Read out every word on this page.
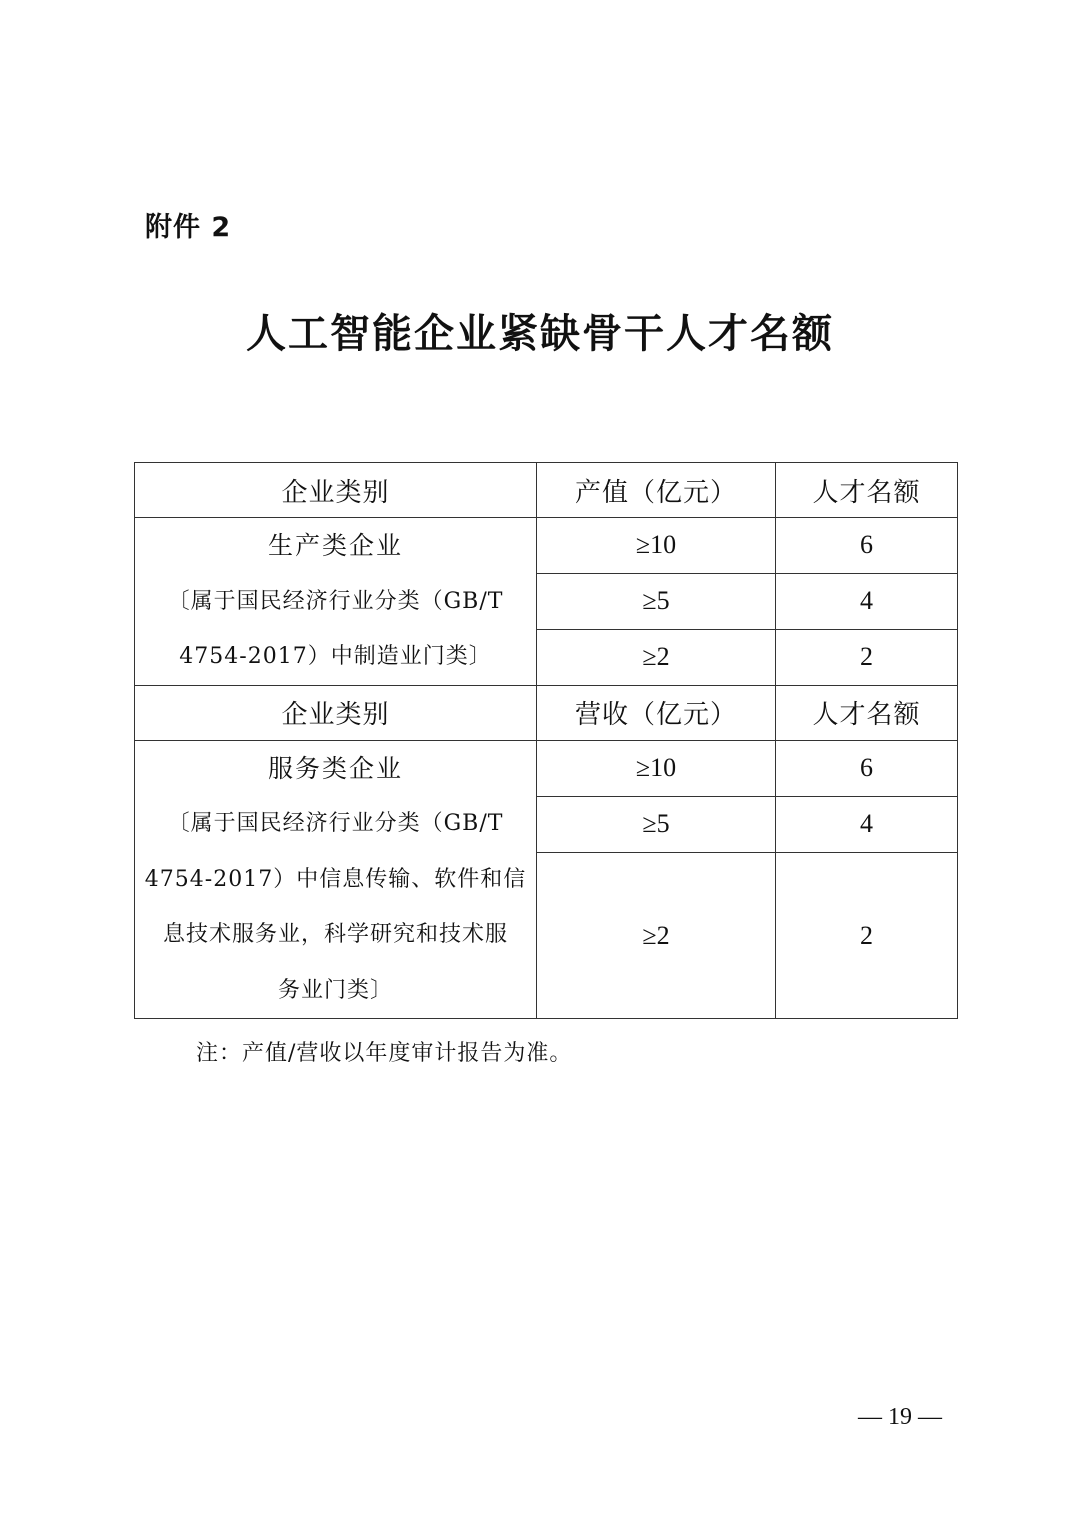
附件 2
人工智能企业紧缺骨干人才名额
企业类别	产值（亿元）	人才名额

生产类企业
〔属于国民经济行业分类（GB/T
4754-2017）中制造业门类〕	≥10	6
	≥5	4
	≥2	2
企业类别	营收（亿元）	人才名额

服务类企业
〔属于国民经济行业分类（GB/T
4754-2017）中信息传输、软件和信
息技术服务业，科学研究和技术服
务业门类〕	≥10	6
	≥5	4
	≥2	2
注：产值/营收以年度审计报告为准。
— 19 —
